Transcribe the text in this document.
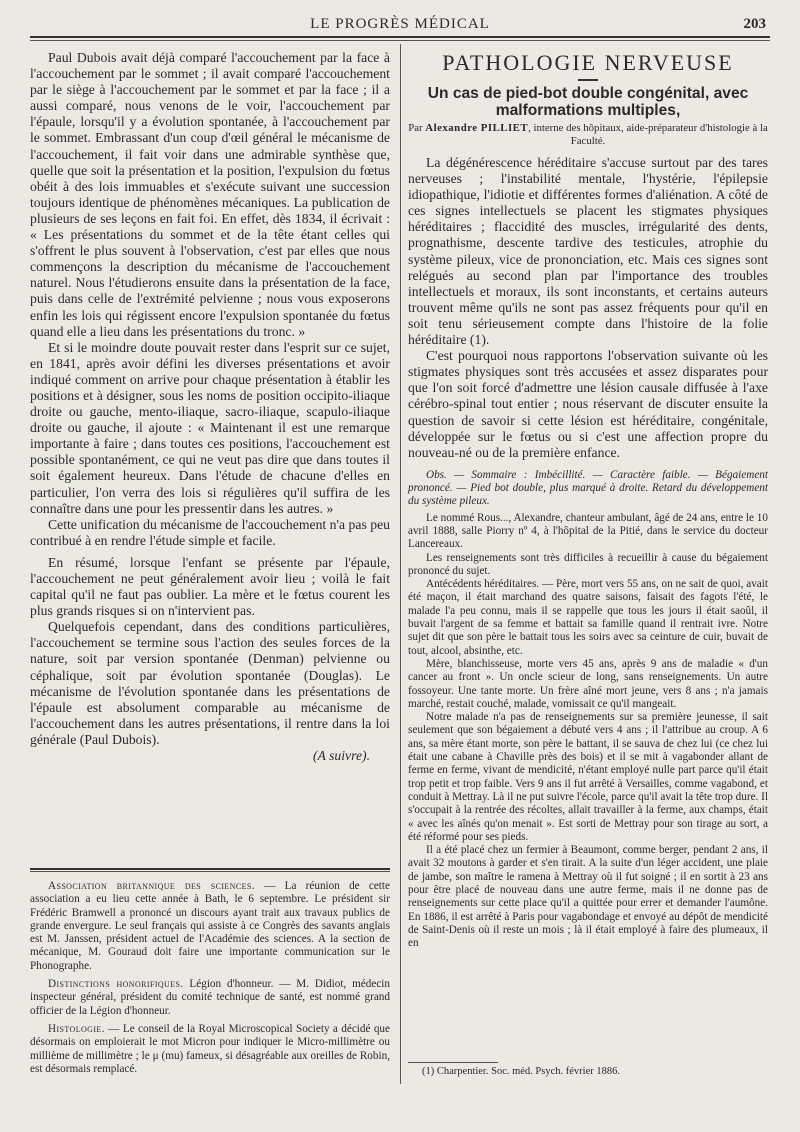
LE PROGRÈS MÉDICAL	203

Paul Dubois avait déjà comparé l'accouchement par la face à l'accouchement par le sommet ; il avait comparé l'accouchement par le siège à l'accouchement par le sommet et par la face ; il a aussi comparé, nous venons de le voir, l'accouchement par l'épaule, lorsqu'il y a évolution spontanée, à l'accouchement par le sommet. Embrassant d'un coup d'œil général le mécanisme de l'accouchement, il fait voir dans une admirable synthèse que, quelle que soit la présentation et la position, l'expulsion du fœtus obéit à des lois immuables et s'exécute suivant une succession toujours identique de phénomènes mécaniques. La publication de plusieurs de ses leçons en fait foi. En effet, dès 1834, il écrivait : « Les présentations du sommet et de la tête étant celles qui s'offrent le plus souvent à l'observation, c'est par elles que nous commençons la description du mécanisme de l'accouchement naturel. Nous l'étudierons ensuite dans la présentation de la face, puis dans celle de l'extrémité pelvienne ; nous vous exposerons enfin les lois qui régissent encore l'expulsion spontanée du fœtus quand elle a lieu dans les présentations du tronc. »

Et si le moindre doute pouvait rester dans l'esprit sur ce sujet, en 1841, après avoir défini les diverses présentations et avoir indiqué comment on arrive pour chaque présentation à établir les positions et à désigner, sous les noms de position occipito-iliaque droite ou gauche, mento-iliaque, sacro-iliaque, scapulo-iliaque droite ou gauche, il ajoute : « Maintenant il est une remarque importante à faire ; dans toutes ces positions, l'accouchement est possible spontanément, ce qui ne veut pas dire que dans toutes il soit également heureux. Dans l'étude de chacune d'elles en particulier, l'on verra des lois si régulières qu'il suffira de les connaître dans une pour les pressentir dans les autres. »

Cette unification du mécanisme de l'accouchement n'a pas peu contribué à en rendre l'étude simple et facile.

En résumé, lorsque l'enfant se présente par l'épaule, l'accouchement ne peut généralement avoir lieu ; voilà le fait capital qu'il ne faut pas oublier. La mère et le fœtus courent les plus grands risques si on n'intervient pas.

Quelquefois cependant, dans des conditions particulières, l'accouchement se termine sous l'action des seules forces de la nature, soit par version spontanée (Denman) pelvienne ou céphalique, soit par évolution spontanée (Douglas). Le mécanisme de l'évolution spontanée dans les présentations de l'épaule est absolument comparable au mécanisme de l'accouchement dans les autres présentations, il rentre dans la loi générale (Paul Dubois).

(A suivre).

Association britannique des sciences. — La réunion de cette association a eu lieu cette année à Bath, le 6 septembre. Le président sir Frédéric Bramwell a prononcé un discours ayant trait aux travaux publics de grande envergure. Le seul français qui assiste à ce Congrès des savants anglais est M. Janssen, président actuel de l'Académie des sciences. A la section de mécanique, M. Gouraud doit faire une importante communication sur le Phonographe.

Distinctions honorifiques. Légion d'honneur. — M. Didiot, médecin inspecteur général, président du comité technique de santé, est nommé grand officier de la Légion d'honneur.

Histologie. — Le conseil de la Royal Microscopical Society a décidé que désormais on emploierait le mot Micron pour indiquer le Micro-millimètre ou millième de millimètre ; le μ (mu) fameux, si désagréable aux oreilles de Robin, est désormais remplacé.

PATHOLOGIE NERVEUSE
Un cas de pied-bot double congénital, avec malformations multiples,
Par Alexandre PILLIET, interne des hôpitaux, aide-préparateur d'histologie à la Faculté.

La dégénérescence héréditaire s'accuse surtout par des tares nerveuses ; l'instabilité mentale, l'hystérie, l'épilepsie idiopathique, l'idiotie et différentes formes d'aliénation. A côté de ces signes intellectuels se placent les stigmates physiques héréditaires ; flaccidité des muscles, irrégularité des dents, prognathisme, descente tardive des testicules, atrophie du système pileux, vice de prononciation, etc. Mais ces signes sont relégués au second plan par l'importance des troubles intellectuels et moraux, ils sont inconstants, et certains auteurs trouvent même qu'ils ne sont pas assez fréquents pour qu'il en soit tenu sérieusement compte dans l'histoire de la folie héréditaire (1).

C'est pourquoi nous rapportons l'observation suivante où les stigmates physiques sont très accusées et assez disparates pour que l'on soit forcé d'admettre une lésion causale diffusée à l'axe cérébro-spinal tout entier ; nous réservant de discuter ensuite la question de savoir si cette lésion est héréditaire, congénitale, développée sur le fœtus ou si c'est une affection propre du nouveau-né ou de la première enfance.

Obs. — Sommaire : Imbécillité. — Caractère faible. — Bégaiement prononcé. — Pied bot double, plus marqué à droite. Retard du développement du système pileux.

Le nommé Rous..., Alexandre, chanteur ambulant, âgé de 24 ans, entre le 10 avril 1888, salle Piorry nº 4, à l'hôpital de la Pitié, dans le service du docteur Lancereaux.

Les renseignements sont très difficiles à recueillir à cause du bégaiement prononcé du sujet.

Antécédents héréditaires. — Père, mort vers 55 ans, on ne sait de quoi, avait été maçon, il était marchand des quatre saisons, faisait des fagots l'été, le malade l'a peu connu, mais il se rappelle que tous les jours il était saoûl, il buvait l'argent de sa femme et battait sa famille quand il rentrait ivre. Notre sujet dit que son père le battait tous les soirs avec sa ceinture de cuir, buvait de tout, alcool, absinthe, etc.

Mère, blanchisseuse, morte vers 45 ans, après 9 ans de maladie « d'un cancer au front ». Un oncle scieur de long, sans renseignements. Un autre fossoyeur. Une tante morte. Un frère aîné mort jeune, vers 8 ans ; n'a jamais marché, restait couché, malade, vomissait ce qu'il mangeait.

Notre malade n'a pas de renseignements sur sa première jeunesse, il sait seulement que son bégaiement a débuté vers 4 ans ; il l'attribue au croup. A 6 ans, sa mère étant morte, son père le battant, il se sauva de chez lui (ce chez lui était une cabane à Chaville près des bois) et il se mit à vagabonder allant de ferme en ferme, vivant de mendicité, n'étant employé nulle part parce qu'il était trop petit et trop faible. Vers 9 ans il fut arrêté à Versailles, comme vagabond, et conduit à Mettray. Là il ne put suivre l'école, parce qu'il avait la tête trop dure. Il s'occupait à la rentrée des récoltes, allait travailler à la ferme, aux champs, était « avec les aînés qu'on menait ». Est sorti de Mettray pour son tirage au sort, a été réformé pour ses pieds.

Il a été placé chez un fermier à Beaumont, comme berger, pendant 2 ans, il avait 32 moutons à garder et s'en tirait. A la suite d'un léger accident, une plaie de jambe, son maître le ramena à Mettray où il fut soigné ; il en sortit à 23 ans pour être placé de nouveau dans une autre ferme, mais il ne donne pas de renseignements sur cette place qu'il a quittée pour errer et demander l'aumône. En 1886, il est arrêté à Paris pour vagabondage et envoyé au dépôt de mendicité de Saint-Denis où il reste un mois ; là il était employé à faire des plumeaux, il en

(1) Charpentier. Soc. méd. Psych. février 1886.
